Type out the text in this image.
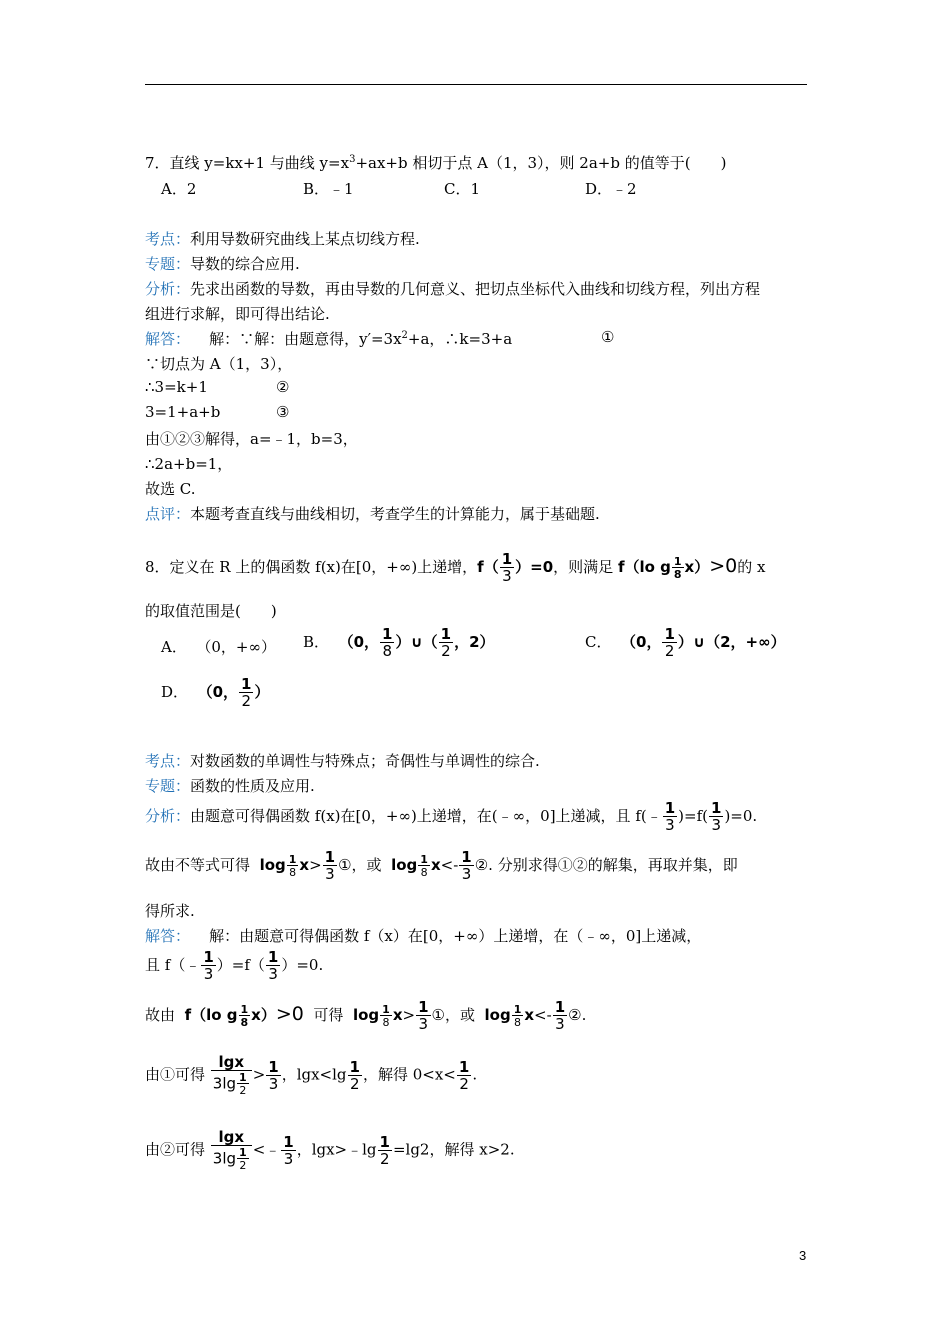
7．直线 y=kx+1 与曲线 $y=x^3+ax+b$ 相切于点 A（1，3），则 2a+b 的值等于(　　)
A．2	B．﹣1	C．1	D．﹣2
考点：利用导数研究曲线上某点切线方程.
专题：导数的综合应用.
分析：先求出函数的导数，再由导数的几何意义、把切点坐标代入曲线和切线方程，列出方程
组进行求解，即可得出结论.
解答： 解：∵解：由题意得，$y'=3x^2+a$，∴k=3+a	①
∵切点为 A（1，3），
∴3=k+1	②
3=1+a+b	③
由①②③解得，a=﹣1，b=3，
∴2a+b=1，
故选 C.
点评：本题考查直线与曲线相切，考查学生的计算能力，属于基础题.
8．定义在 R 上的偶函数 f(x)在[0，+∞)上递增，$f( \frac{1}{3} )=0$，则满足 f（lo g $\frac{1}{8} x)>0$的 x
的取值范围是(　　)
A． （0，+∞） B． （0， $\frac{1}{8}$ ）∪（ $\frac{1}{2}$ ，2）	C． （0， $\frac{1}{2}$ ）∪（2，+∞）
D． （0， $\frac{1}{2}$ ）
考点：对数函数的单调性与特殊点；奇偶性与单调性的综合.
专题：函数的性质及应用.
分析：由题意可得偶函数 f(x)在[0，+∞)上递增，在(﹣∞，0]上递减，且 f(﹣ $\frac{1}{3} )=f( \frac{1}{3} )=0$.
故由不等式可得 $\log \frac{1}{8} x> \frac{1}{3}$ ①，或 $\log \frac{1}{8} x<- \frac{1}{3}$ ②. 分别求得①②的解集，再取并集，即
得所求.
解答： 解：由题意可得偶函数 f（x）在[0，+∞）上递增，在（﹣∞，0]上递减，
且 f（﹣ $\frac{1}{3} )=f( \frac{1}{3} )=0$.
故由 f（lo g $\frac{1}{8} x)>0$ 可得 $\log \frac{1}{8} x> \frac{1}{3}$ ①，或 $\log \frac{1}{8} x<- \frac{1}{3}$ ②.
由①可得 $\frac{\lg x}{3\lg \frac{1}{2}} > \frac{1}{3}$ ，$\lg x<\lg \frac{1}{2}$ ，解得 $0<x< \frac{1}{2}$ .
由②可得 $\frac{\lg x}{3\lg \frac{1}{2}}$ <﹣ $\frac{1}{3}$ ，lgx>﹣lg $\frac{1}{2} =\lg 2$，解得 x>2.
3
